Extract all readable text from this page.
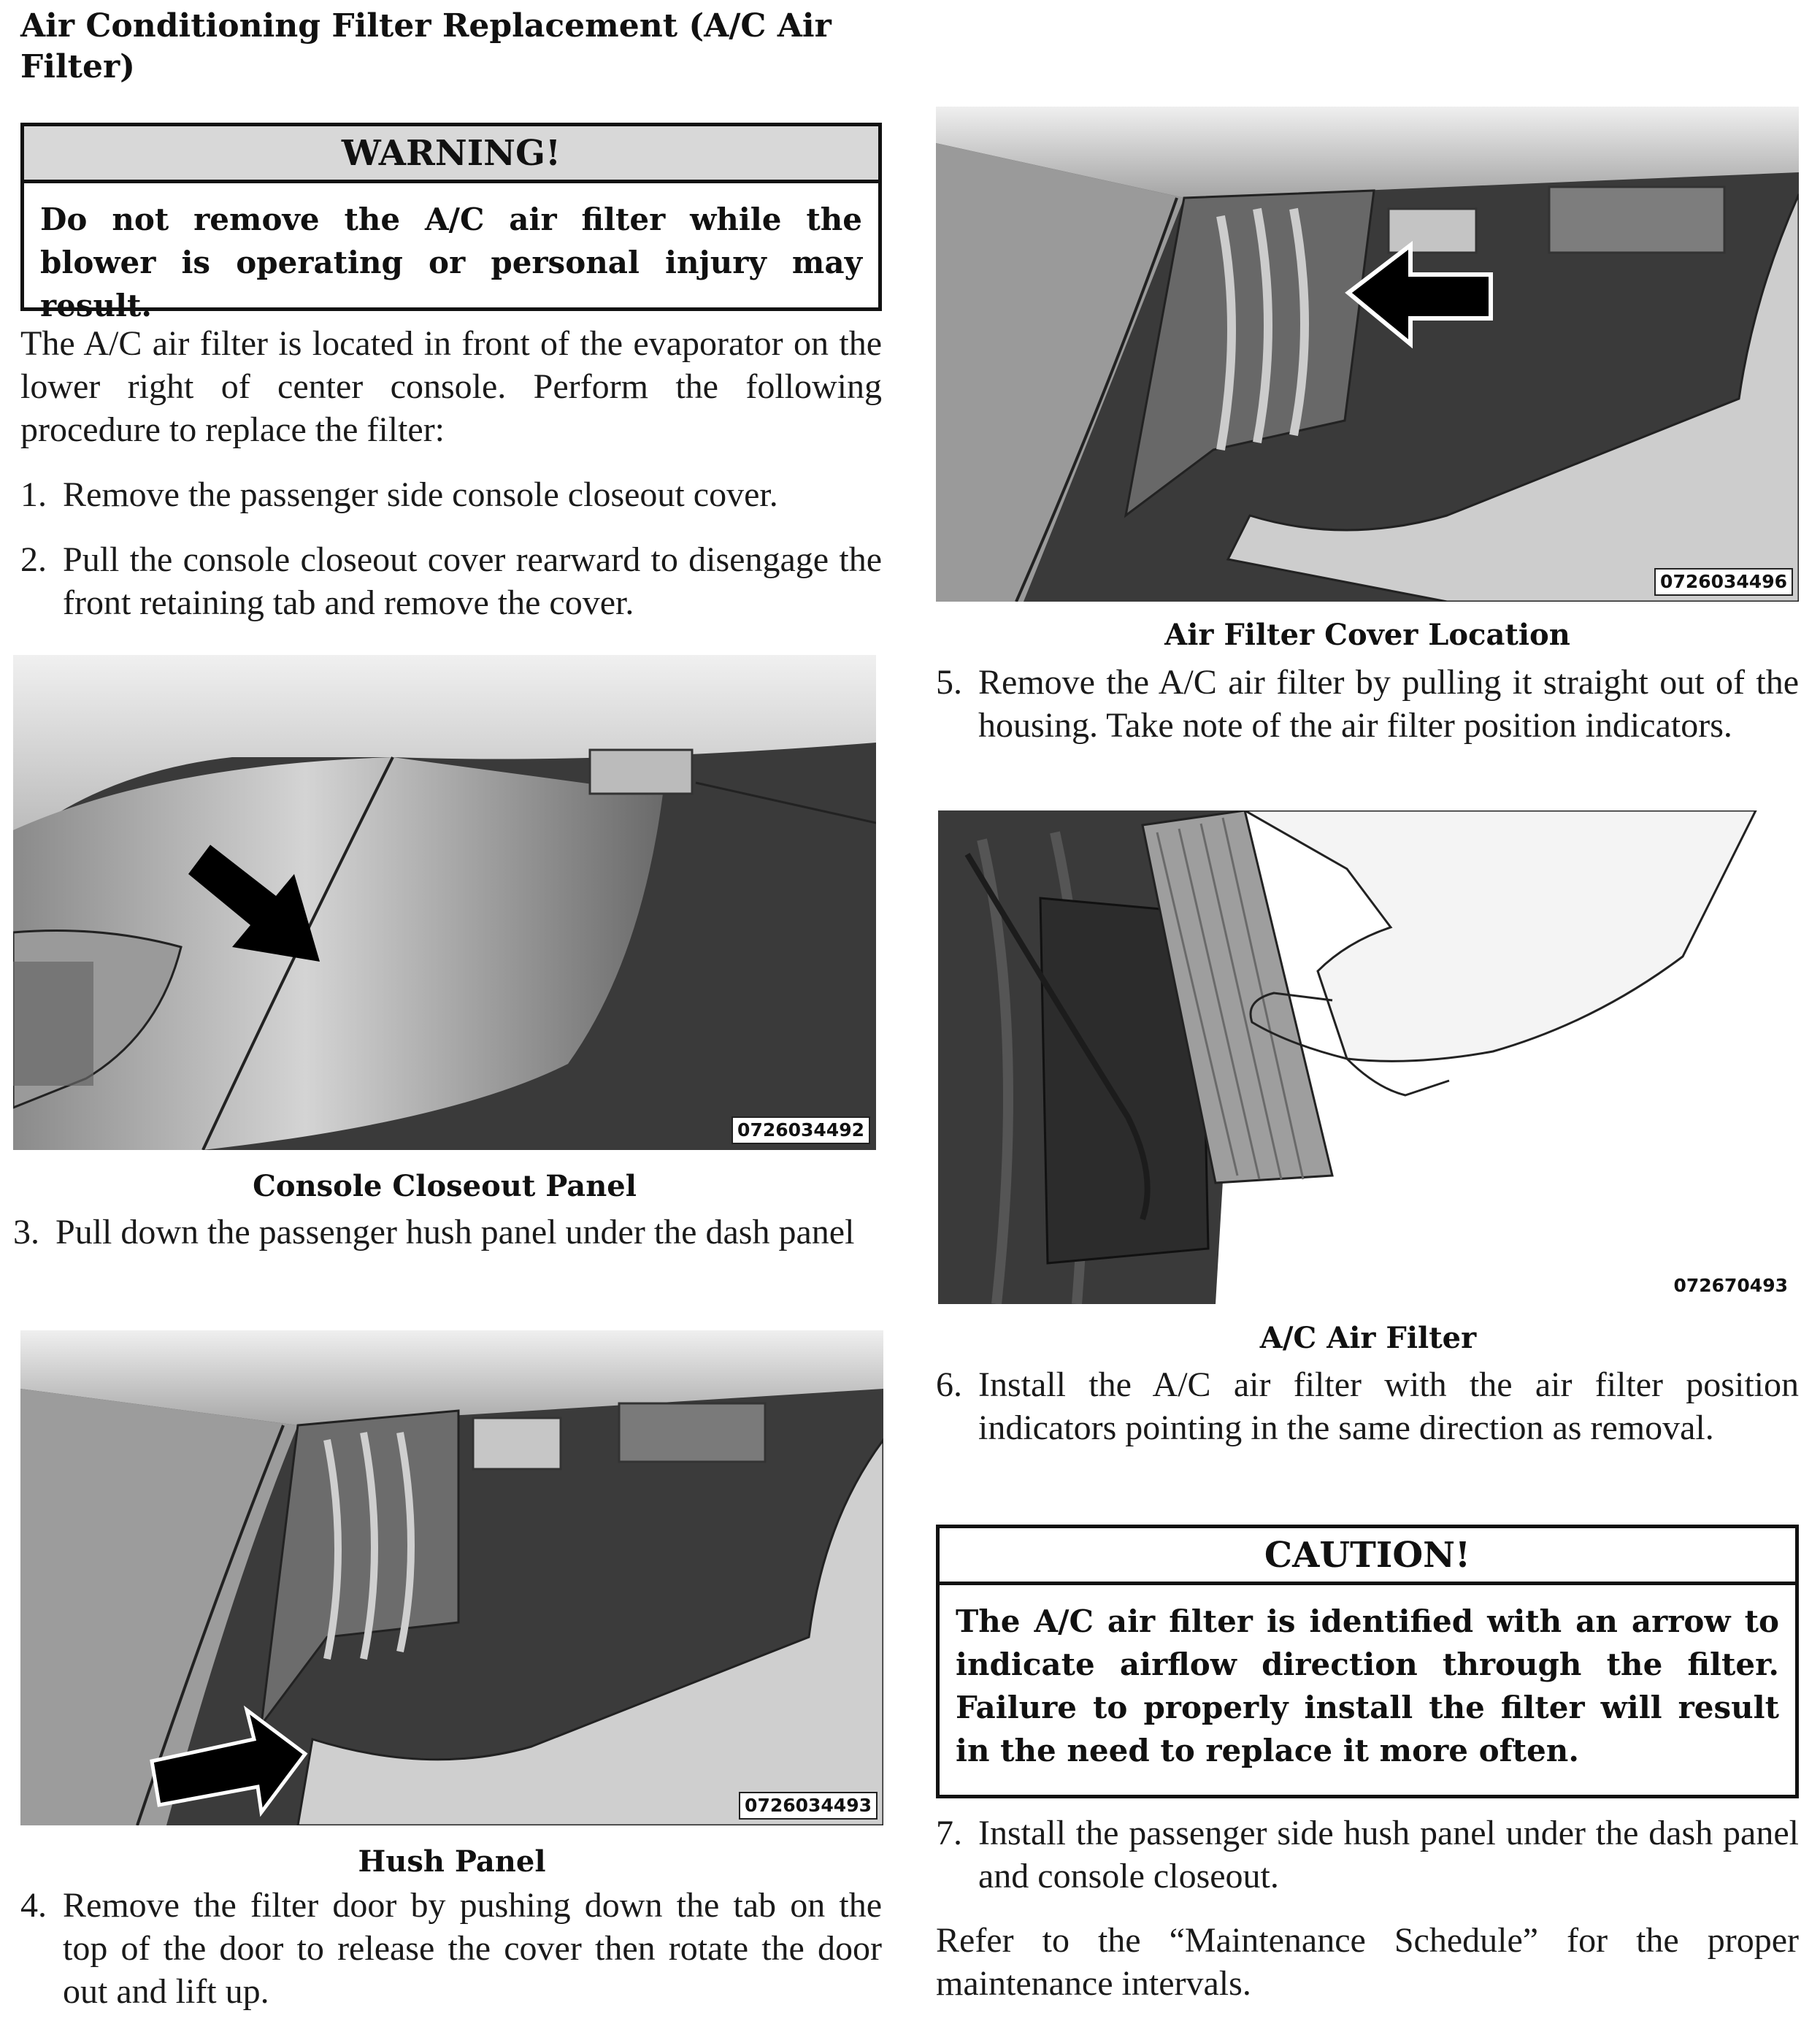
Air Conditioning Filter Replacement (A/C Air Filter)
WARNING!
Do not remove the A/C air filter while the blower is operating or personal injury may result.
The A/C air filter is located in front of the evaporator on the lower right of center console. Perform the following procedure to replace the filter:
1. Remove the passenger side console closeout cover.
2. Pull the console closeout cover rearward to disengage the front retaining tab and remove the cover.
0726034492
Console Closeout Panel
3. Pull down the passenger hush panel under the dash panel
0726034493
Hush Panel
4. Remove the filter door by pushing down the tab on the top of the door to release the cover then rotate the door out and lift up.
0726034496
Air Filter Cover Location
5. Remove the A/C air filter by pulling it straight out of the housing. Take note of the air filter position indicators.
072670493
A/C Air Filter
6. Install the A/C air filter with the air filter position indicators pointing in the same direction as removal.
CAUTION!
The A/C air filter is identified with an arrow to indicate airflow direction through the filter. Failure to properly install the filter will result in the need to replace it more often.
7. Install the passenger side hush panel under the dash panel and console closeout.
Refer to the “Maintenance Schedule” for the proper maintenance intervals.
